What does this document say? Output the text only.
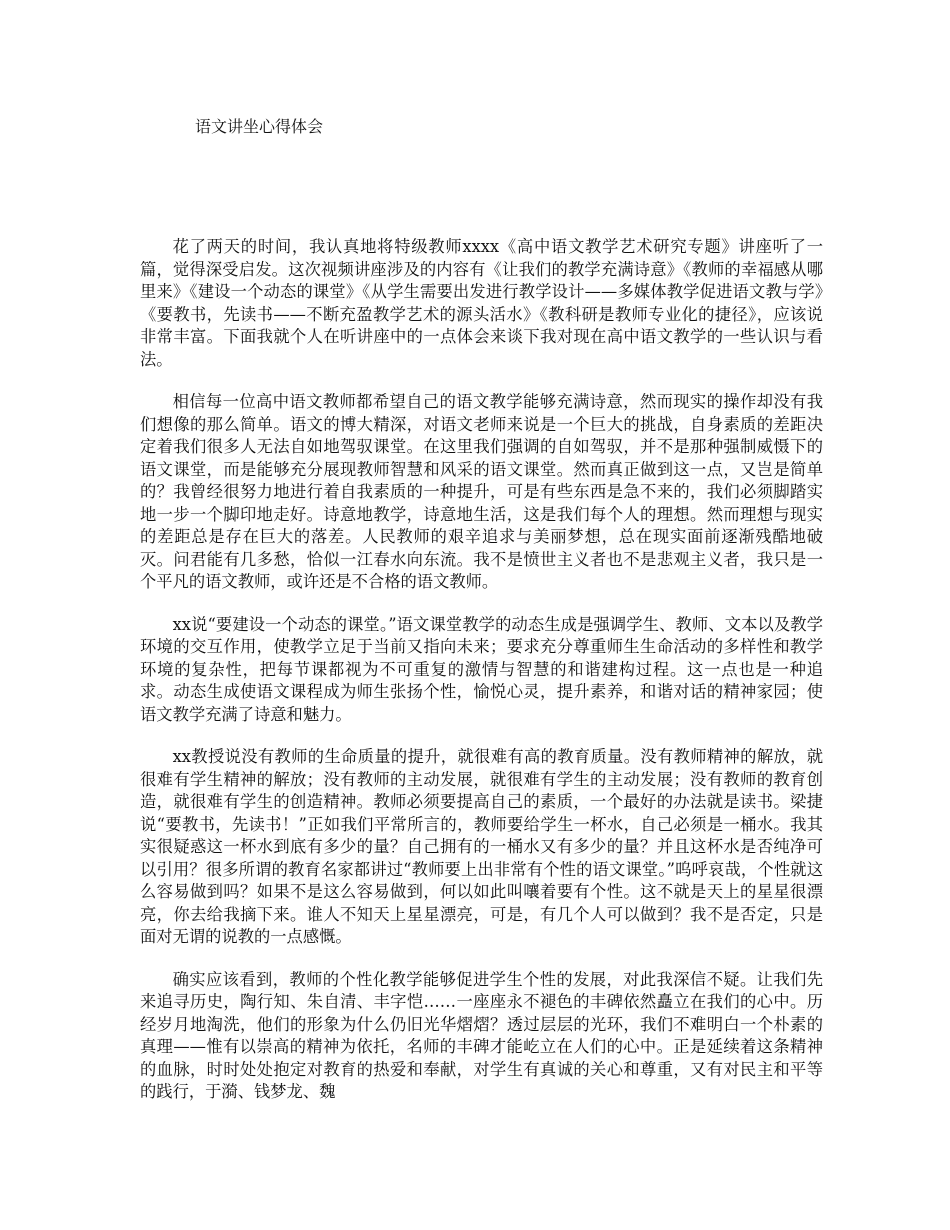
语文讲坐心得体会

花了两天的时间，我认真地将特级教师xxxx《高中语文教学艺术研究专题》讲座听了一篇，觉得深受启发。这次视频讲座涉及的内容有《让我们的教学充满诗意》《教师的幸福感从哪里来》《建设一个动态的课堂》《从学生需要出发进行教学设计——多媒体教学促进语文教与学》《要教书，先读书——不断充盈教学艺术的源头活水》《教科研是教师专业化的捷径》，应该说非常丰富。下面我就个人在听讲座中的一点体会来谈下我对现在高中语文教学的一些认识与看法。

相信每一位高中语文教师都希望自己的语文教学能够充满诗意，然而现实的操作却没有我们想像的那么简单。语文的博大精深，对语文老师来说是一个巨大的挑战，自身素质的差距决定着我们很多人无法自如地驾驭课堂。在这里我们强调的自如驾驭，并不是那种强制威慑下的语文课堂，而是能够充分展现教师智慧和风采的语文课堂。然而真正做到这一点，又岂是简单的？我曾经很努力地进行着自我素质的一种提升，可是有些东西是急不来的，我们必须脚踏实地一步一个脚印地走好。诗意地教学，诗意地生活，这是我们每个人的理想。然而理想与现实的差距总是存在巨大的落差。人民教师的艰辛追求与美丽梦想，总在现实面前逐渐残酷地破灭。问君能有几多愁，恰似一江春水向东流。我不是愤世主义者也不是悲观主义者，我只是一个平凡的语文教师，或许还是不合格的语文教师。

xx说“要建设一个动态的课堂。”语文课堂教学的动态生成是强调学生、教师、文本以及教学环境的交互作用，使教学立足于当前又指向未来；要求充分尊重师生生命活动的多样性和教学环境的复杂性，把每节课都视为不可重复的激情与智慧的和谐建构过程。这一点也是一种追求。动态生成使语文课程成为师生张扬个性，愉悦心灵，提升素养，和谐对话的精神家园；使语文教学充满了诗意和魅力。

xx教授说没有教师的生命质量的提升，就很难有高的教育质量。没有教师精神的解放，就很难有学生精神的解放；没有教师的主动发展，就很难有学生的主动发展；没有教师的教育创造，就很难有学生的创造精神。教师必须要提高自己的素质，一个最好的办法就是读书。梁捷说“要教书，先读书！”正如我们平常所言的，教师要给学生一杯水，自己必须是一桶水。我其实很疑惑这一杯水到底有多少的量？自己拥有的一桶水又有多少的量？并且这杯水是否纯净可以引用？很多所谓的教育名家都讲过“教师要上出非常有个性的语文课堂。”呜呼哀哉，个性就这么容易做到吗？如果不是这么容易做到，何以如此叫嚷着要有个性。这不就是天上的星星很漂亮，你去给我摘下来。谁人不知天上星星漂亮，可是，有几个人可以做到？我不是否定，只是面对无谓的说教的一点感慨。

确实应该看到，教师的个性化教学能够促进学生个性的发展，对此我深信不疑。让我们先来追寻历史，陶行知、朱自清、丰字恺……一座座永不褪色的丰碑依然矗立在我们的心中。历经岁月地淘洗，他们的形象为什么仍旧光华熠熠？透过层层的光环，我们不难明白一个朴素的真理——惟有以崇高的精神为依托，名师的丰碑才能屹立在人们的心中。正是延续着这条精神的血脉，时时处处抱定对教育的热爱和奉献，对学生有真诚的关心和尊重，又有对民主和平等的践行，于漪、钱梦龙、魏
